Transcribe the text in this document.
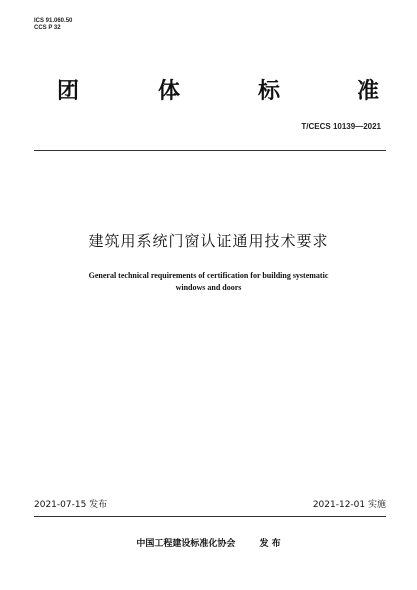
ICS 91.060.50
CCS P 32
团	体	标	准
T/CECS 10139—2021
建筑用系统门窗认证通用技术要求
General technical requirements of certification for building systematic
windows and doors
2021-07-15 发布	2021-12-01 实施
中国工程建设标准化协会	发 布
